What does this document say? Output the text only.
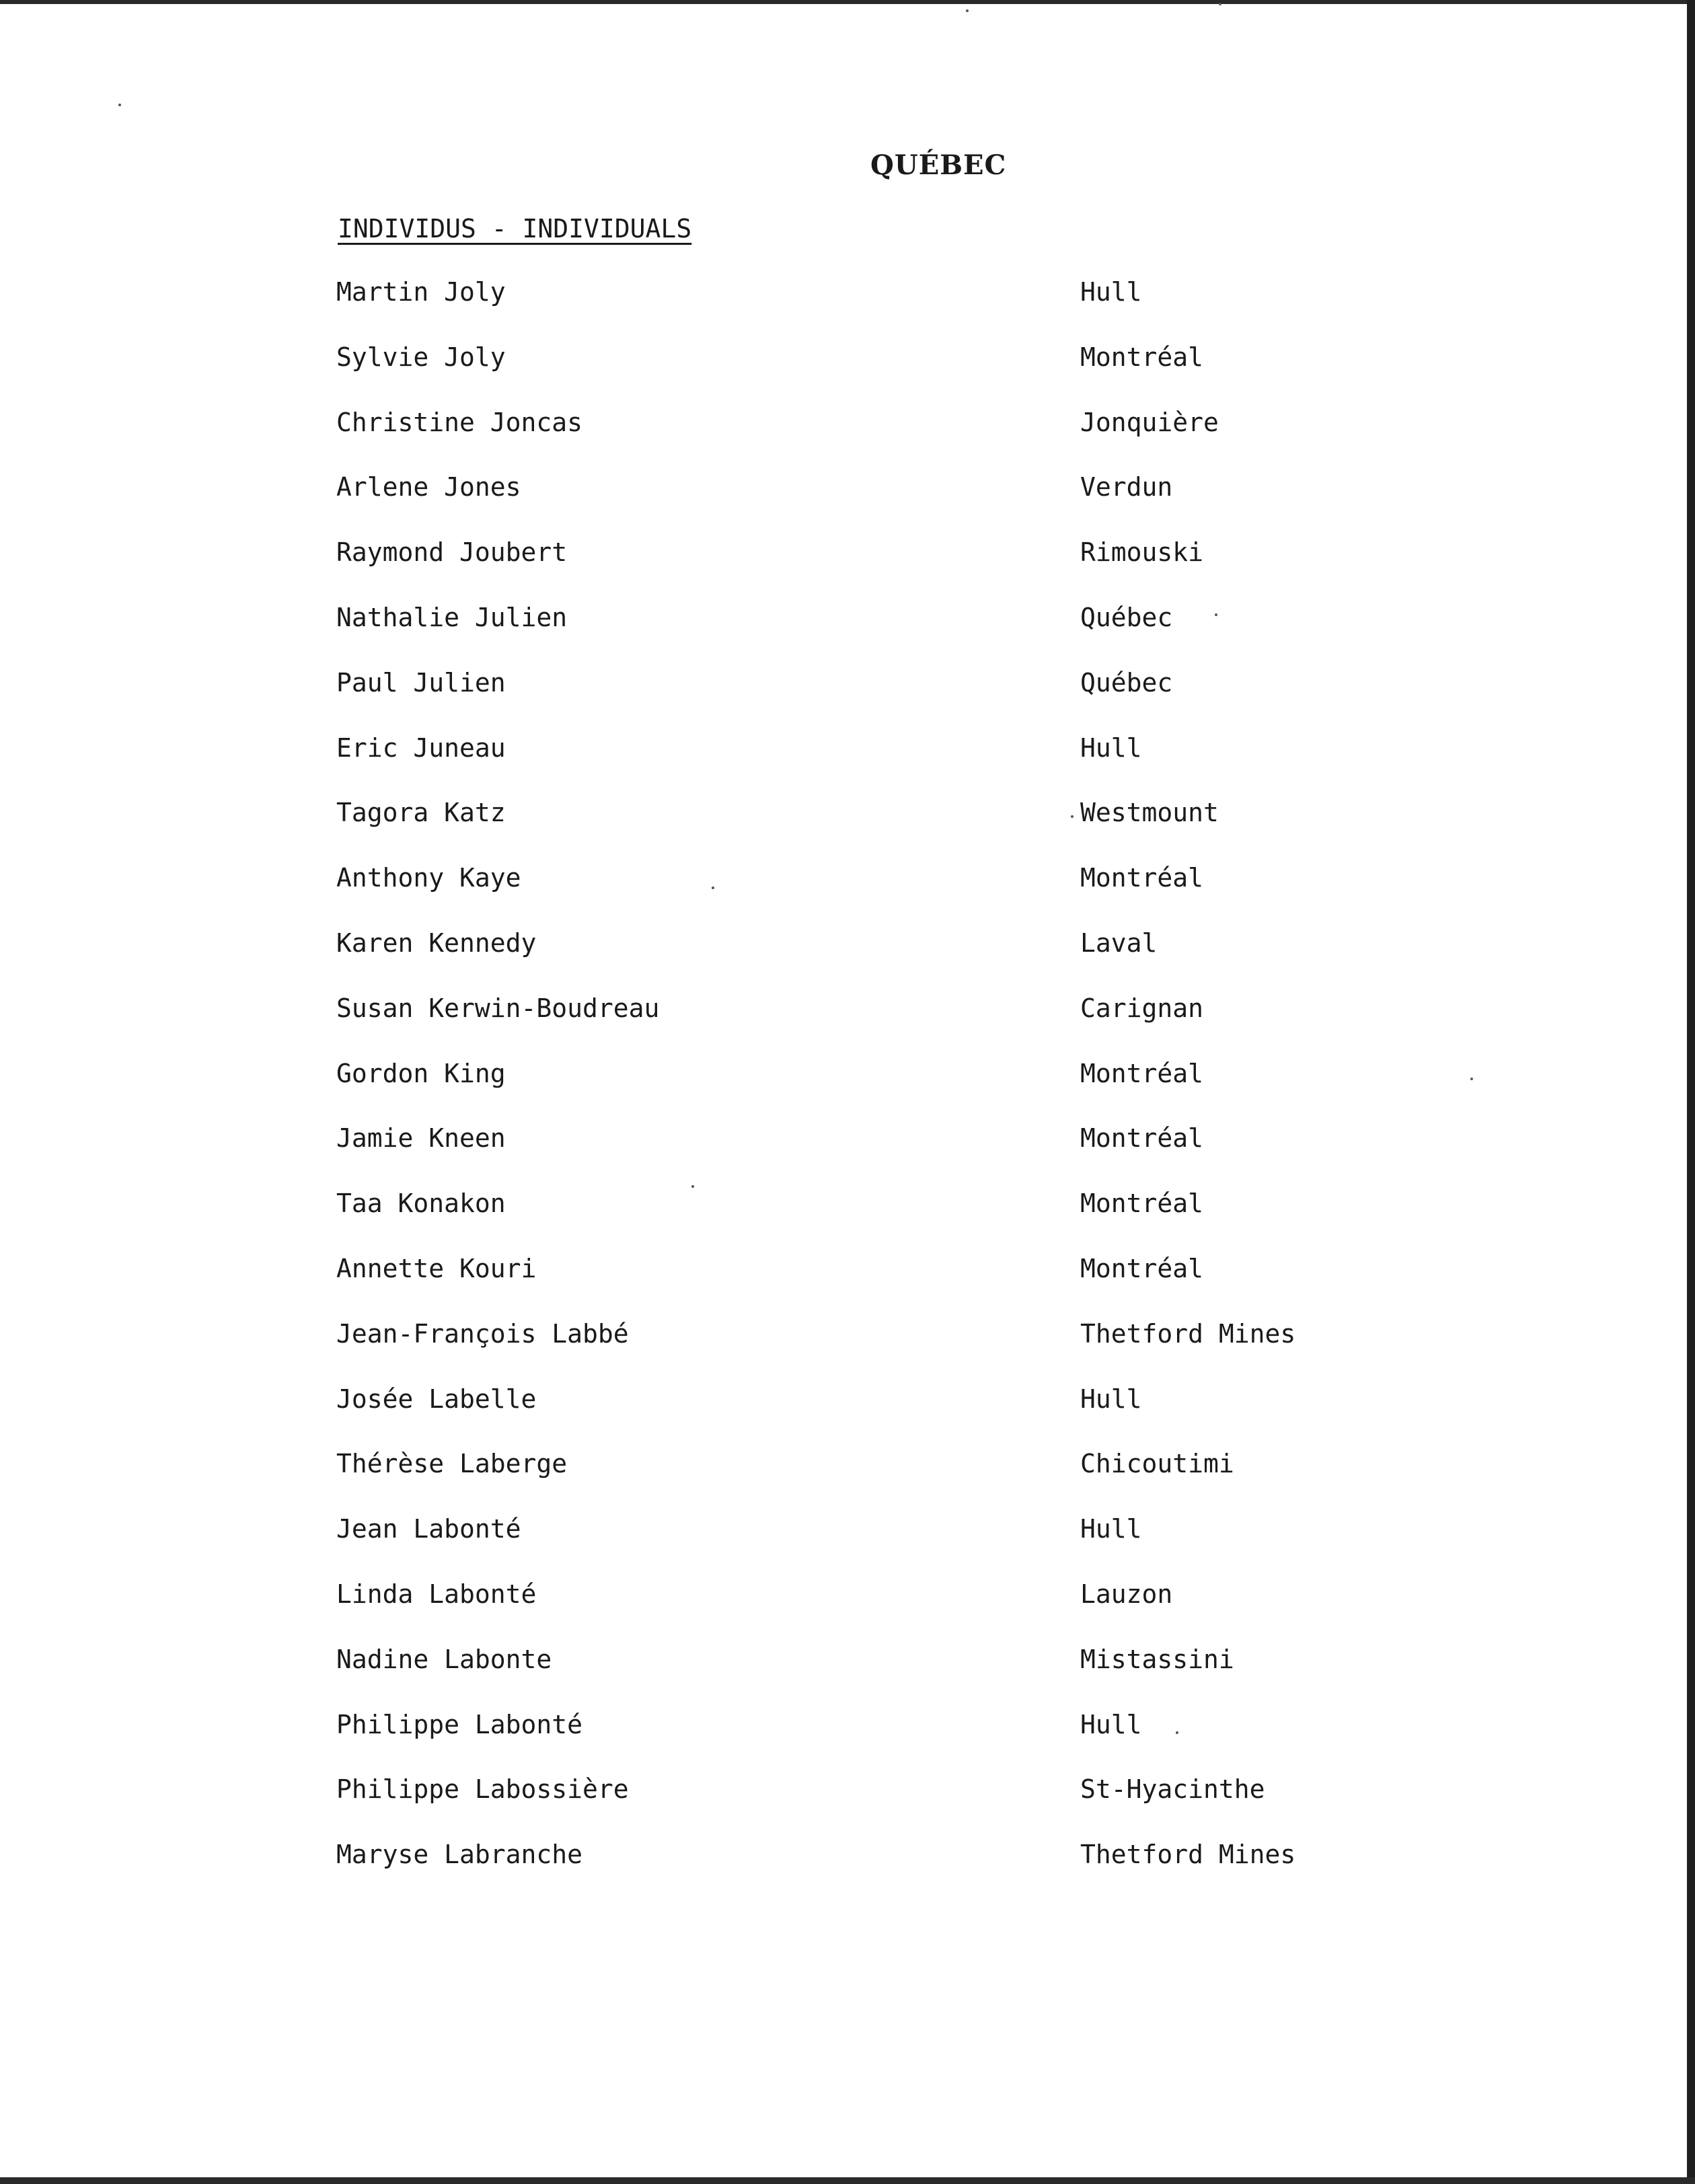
QUÉBEC
INDIVIDUS - INDIVIDUALS
Martin Joly	Hull
Sylvie Joly	Montréal
Christine Joncas	Jonquière
Arlene Jones	Verdun
Raymond Joubert	Rimouski
Nathalie Julien	Québec
Paul Julien	Québec
Eric Juneau	Hull
Tagora Katz	Westmount
Anthony Kaye	Montréal
Karen Kennedy	Laval
Susan Kerwin-Boudreau	Carignan
Gordon King	Montréal
Jamie Kneen	Montréal
Taa Konakon	Montréal
Annette Kouri	Montréal
Jean-François Labbé	Thetford Mines
Josée Labelle	Hull
Thérèse Laberge	Chicoutimi
Jean Labonté	Hull
Linda Labonté	Lauzon
Nadine Labonte	Mistassini
Philippe Labonté	Hull
Philippe Labossière	St-Hyacinthe
Maryse Labranche	Thetford Mines
